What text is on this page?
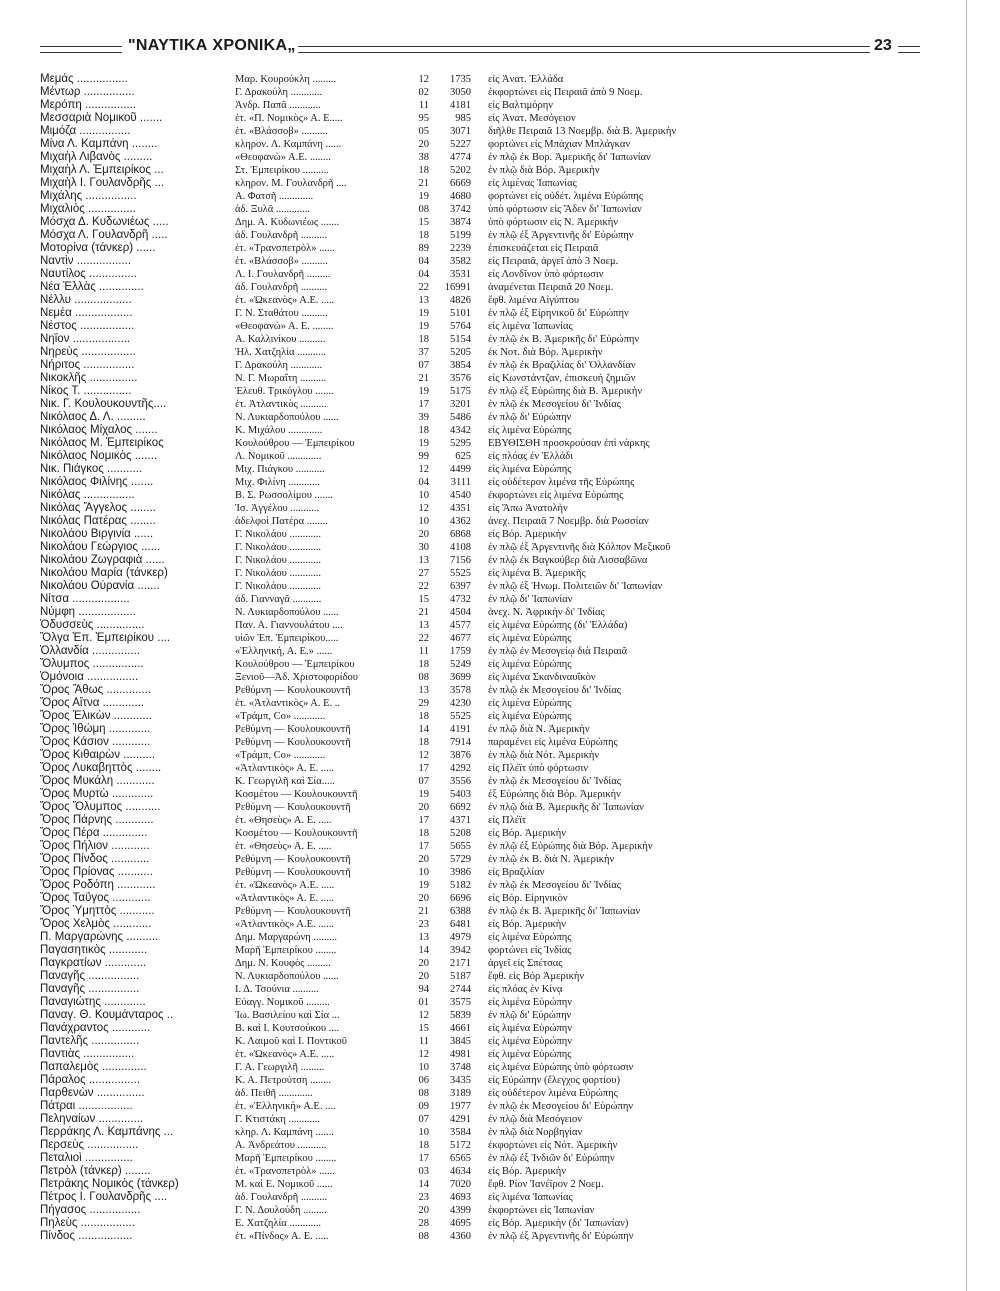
"ΝΑΥΤΙΚΑ ΧΡΟΝΙΚΑ„	23
Μεμάς ................	Μαρ. Κουρούκλη .........	12	1735 εἰς Ἀνατ. Ἑλλάδα
Μέντωρ ................	Γ. Δρακούλη ............	02	3050 ἐκφορτώνει εἰς Πειραιᾶ ἀπὸ 9 Νοεμ.
Μερόπη ................	Ἀνδρ. Παπᾶ ............	11	4181 εἰς Βαλτιμόρην
Μεσσαριὰ Νομικοῦ .......	ἑτ. «Π. Νομικὸς» Α. Ε.....	95	985 εἰς Ἀνατ. Μεσόγειον
Μιμόζα ................	ἑτ. «Βλάσσοβ» ..........	05	3071 διῆλθε Πειραιᾶ 13 Νοεμβρ. διὰ Β. Ἀμερικὴν
Μίνα Λ. Καμπάνη ........	κληρον. Λ. Καμπάνη ......	20	5227 φορτώνει εἰς Μπάχιαν Μπλάγκαν
Μιχαὴλ Λιβανὸς .........	«Θεοφανὼ» Α.Ε. ........	38	4774 ἐν πλῷ ἐκ Βορ. Ἀμερικῆς δι' Ἰαπωνίαν
Μιχαὴλ Λ. Ἐμπειρίκος ...	Στ. Ἐμπειρίκου ..........	18	5202 ἐν πλῷ διὰ Βόρ. Ἀμερικὴν
Μιχαὴλ Ι. Γουλανδρῆς ...	κληρον. Μ. Γουλανδρῆ ....	21	6669 εἰς λιμένας Ἰαπωνίας
Μιχάλης ................	Α. Φατσῆ .............	19	4680 φορτώνει εἰς οὐδέτ. λιμένα Εὐρώπης
Μιχαλιὸς ...............	ἀδ. Ξυλᾶ .............	08	3742 ὑπὸ φόρτωσιν εἰς Ἄδεν δι' Ἰαπωνίαν
Μόσχα Δ. Κυδωνιέως .....	Δημ. Α. Κυδωνιέως .......	15	3874 ὑπὸ φόρτωσιν εἰς Ν. Ἀμερικὴν
Μόσχα Λ. Γουλανδρῆ .....	ἀδ. Γουλανδρῆ ..........	18	5199 ἐν πλῷ ἐξ Ἀργεντινῆς δι' Εὐρώπην
Μοτορίνα (τάνκερ) ......	ἑτ. «Τρανσπετρὸλ» ......	89	2239 ἐπισκευάζεται εἰς Πειραιᾶ
Ναντὶν .................	ἑτ. «Βλάσσοβ» ..........	04	3582 εἰς Πειραιᾶ, ἀργεῖ ἀπὸ 3 Νοεμ.
Ναυτίλος ...............	Λ. Ι. Γουλανδρῆ .........	04	3531 εἰς Λονδῖνον ὑπὸ φόρτωσιν
Νέα Ἑλλὰς ..............	ἀδ. Γουλανδρῆ ..........	22	16991 ἀναμένεται Πειραιᾶ 20 Νοεμ.
Νέλλυ ..................	ἑτ. «Ὠκεανὸς» Α.Ε. .....	13	4826 ἔφθ. λιμένα Αἰγύπτου
Νεμέα ..................	Γ. Ν. Σταθάτου ..........	19	5101 ἐν πλῷ ἐξ Εἰρηνικοῦ δι' Εὐρώπην
Νέστος .................	«Θεοφανὼ» Α. Ε. ........	19	5764 εἰς λιμένα Ἰαπωνίας
Νηΐον ..................	Α. Καλλινίκου ..........	18	5154 ἐν πλῷ ἐκ Β. Ἀμερικῆς δι' Εὐρώπην
Νηρεὺς .................	Ἠλ. Χατζηλία ...........	37	5205 ἐκ Νοτ. διὰ Βόρ. Ἀμερικὴν
Νήριτος ................	Γ. Δρακούλη ............	07	3854 ἐν πλῷ ἐκ Βραζιλίας δι' Ὀλλανδίαν
Νικοκλῆς ...............	Ν. Γ. Μωραΐτη ..........	21	3576 εἰς Κωνστάντζαν, ἐπισκευὴ ζημιῶν
Νίκος Τ. ...............	Ἐλευθ. Τρικόγλου .......	19	5175 ἐν πλῷ ἐξ Εὐρώπης διὰ Β. Ἀμερικὴν
Νικ. Γ. Κουλουκουντῆς....	ἑτ. Ἀτλαντικὸς ..........	17	3201 ἐν πλῷ ἐκ Μεσογείου δι' Ἰνδίας
Νικόλαος Δ. Λ. .........	Ν. Λυκιαρδοπούλου ......	39	5486 ἐν πλῷ δι' Εὐρώπην
Νικόλαος Μίχαλος .......	Κ. Μιχάλου .............	18	4342 εἰς λιμένα Εὐρώπης
Νικόλαος Μ. Ἐμπειρίκος	Κουλούθρου — Ἐμπειρίκου	19	5295 ΕΒΥΘΙΣΘΗ προσκρούσαν ἐπὶ νάρκης
Νικόλαος Νομικὸς .......	Λ. Νομικοῦ .............	99	625 εἰς πλόας ἐν Ἑλλάδι
Νικ. Πιάγκος ...........	Μιχ. Πιάγκου ...........	12	4499 εἰς λιμένα Εὐρώπης
Νικόλαος Φιλίνης .......	Μιχ. Φιλίνη ............	04	3111 εἰς οὐδέτερον λιμένα τῆς Εὐρώπης
Νικόλας ................	Β. Σ. Ρωσσολίμου .......	10	4540 ἐκφορτώνει εἰς λιμένα Εὐρώπης
Νικόλας Ἄγγελος ........	Ἰσ. Ἀγγέλου ...........	12	4351 εἰς Ἄπω Ἀνατολὴν
Νικόλας Πατέρας ........	ἀδελφοὶ Πατέρα ........	10	4362 ἀνεχ. Πειραιᾶ 7 Νοεμβρ. διὰ Ρωσσίαν
Νικολάου Βιργινία ......	Γ. Νικολάου ............	20	6868 εἰς Βόρ. Ἀμερικὴν
Νικολάου Γεώργιος ......	Γ. Νικολάου ............	30	4108 ἐν πλῷ ἐξ Ἀργεντινῆς διὰ Κόλπον Μεξικοῦ
Νικολάου Ζωγραφιὰ ......	Γ. Νικολάου ............	13	7156 ἐν πλῷ ἐκ Βαγκούβερ διὰ Λισσαβῶνα
Νικολάου Μαρία (τάνκερ)	Γ. Νικολάου ............	27	5525 εἰς λιμένα Β. Ἀμερικῆς
Νικολάου Οὐρανία .......	Γ. Νικολάου ............	22	6397 ἐν πλῷ ἐξ Ἡνωμ. Πολιτειῶν δι' Ἰαπωνίαν
Νίτσα ..................	ἀδ. Γιανναγᾶ ...........	15	4732 ἐν πλῷ δι' Ἰαπωνίαν
Νύμφη ..................	Ν. Λυκιαρδοπούλου ......	21	4504 ἀνεχ. Ν. Ἀφρικὴν δι' Ἰνδίας
Ὀδυσσεὺς ...............	Παν. Α. Γιαννουλάτου ....	13	4577 εἰς λιμένα Εὐρώπης (δι' Ἑλλάδα)
Ὄλγα Ἐπ. Ἐμπειρίκου ....	υἱῶν Ἐπ. Ἐμπειρίκου.....	22	4677 εἰς λιμένα Εὐρώπης
Ὀλλανδία ...............	«Ἑλληνική, Α. Ε.» ......	11	1759 ἐν πλῷ ἐν Μεσογείῳ διὰ Πειραιᾶ
Ὄλυμπος ................	Κουλούθρου — Ἐμπειρίκου	18	5249 εἰς λιμένα Εὐρώπης
Ὁμόνοια ................	Ξενιοῦ—Ἀδ. Χριστοφορίδου	08	3699 εἰς λιμένα Σκανδιναυΐκὸν
Ὄρος Ἄθως ..............	Ρεθύμνη — Κουλουκουντῆ	13	3578 ἐν πλῷ ἐκ Μεσογείου δι' Ἰνδίας
Ὄρος Αἴτνα .............	ἑτ. «Ἀτλαντικὸς» Α. Ε. ..	29	4230 εἰς λιμένα Εὐρώπης
Ὄρος Ἑλικὼν ............	«Τράμπ, Co» ............	18	5525 εἰς λιμένα Εὐρώπης
Ὄρος Ἰθώμη .............	Ρεθύμνη — Κουλουκουντῆ	14	4191 ἐν πλῷ διὰ Ν. Ἀμερικὴν
Ὄρος Κάσιον ............	Ρεθύμνη — Κουλουκουντῆ	18	7914 παραμένει εἰς λιμένα Εὐρώπης
Ὄρος Κιθαιρὼν ..........	«Τράμπ, Co» ............	12	3876 ἐν πλῷ διὰ Νότ. Ἀμερικὴν
Ὄρος Λυκαβηττὸς ........	«Ἀτλαντικὸς» Α. Ε. .....	17	4292 εἰς Πλέϊτ ὑπὸ φόρτωσιν
Ὄρος Μυκάλη ............	Κ. Γεωργιλῆ καὶ Σία.....	07	3556 ἐν πλῷ ἐκ Μεσογείου δι' Ἰνδίας
Ὄρος Μυρτὼ .............	Κοσμέτου — Κουλουκουντῆ	19	5403 ἐξ Εὐρώπης διὰ Βόρ. Ἀμερικὴν
Ὄρος Ὄλυμπος ...........	Ρεθύμνη — Κουλουκουντῆ	20	6692 ἐν πλῷ διὰ Β. Ἀμερικῆς δι' Ἰαπωνίαν
Ὄρος Πάρνης ............	ἑτ. «Θησεὺς» Α. Ε. .....	17	4371 εἰς Πλέϊτ
Ὄρος Πέρα ..............	Κοσμέτου — Κουλουκουντῆ	18	5208 εἰς Βόρ. Ἀμερικὴν
Ὄρος Πήλιον ............	ἑτ. «Θησεὺς» Α. Ε. .....	17	5655 ἐν πλῷ ἐξ Εὐρώπης διὰ Βόρ. Ἀμερικὴν
Ὄρος Πίνδος ............	Ρεθύμνη — Κουλουκουντῆ	20	5729 ἐν πλῷ ἐκ Β. διὰ Ν. Ἀμερικὴν
Ὄρος Πρίονας ...........	Ρεθύμνη — Κουλουκουντῆ	10	3986 εἰς Βραζιλίαν
Ὄρος Ροδόπη ............	ἑτ. «Ὠκεανὸς» Α.Ε. .....	19	5182 ἐν πλῷ ἐκ Μεσογείου δι' Ἰνδίας
Ὄρος Ταΰγος ............	«Ἀτλαντικὸς» Α. Ε. .....	20	6696 εἰς Βόρ. Εἰρηνικὸν
Ὄρος Ὑμηττὸς ...........	Ρεθύμνη — Κουλουκουντῆ	21	6388 ἐν πλῷ ἐκ Β. Ἀμερικῆς δι' Ἰαπωνίαν
Ὄρος Χελμὸς ............	«Ἀτλαντικὸς» Α.Ε. ......	23	6481 εἰς Βόρ. Ἀμερικὴν
Π. Μαργαρώνης ..........	Δημ. Μαργαρώνη .........	13	4979 εἰς λιμένα Εὐρώπης
Παγασητικὸς ............	Μαρῆ Ἐμπειρίκου ........	14	3942 φορτώνει εἰς Ἰνδίας
Παγκρατίων .............	Δημ. Ν. Κουφὸς .........	20	2171 ἀργεῖ εἰς Σπέτσας
Παναγῆς ................	Ν. Λυκιαρδοπούλου ......	20	5187 ἔφθ. εἰς Βόρ Ἀμερικὴν
Παναγῆς ................	Ι. Δ. Τσούνια ..........	94	2744 εἰς πλόας ἐν Κίνᾳ
Παναγιώτης .............	Εὐαγγ. Νομικοῦ .........	01	3575 εἰς λιμένα Εὐρώπην
Παναγ. Θ. Κουμάνταρος ..	Ἰω. Βασιλείου καὶ Σία ...	12	5839 ἐν πλῷ δι' Εὐρώπην
Πανάχραντος ............	Β. καὶ Ι. Κουτσούκου ....	15	4661 εἰς λιμένα Εὐρώπην
Παντελῆς ...............	Κ. Λαιμοῦ καὶ Ι. Ποντικοῦ	11	3845 εἰς λιμένα Εὐρώπην
Παντιὰς ................	ἑτ. «Ὠκεανὸς» Α.Ε. .....	12	4981 εἰς λιμένα Εὐρώπης
Παπαλεμὸς ..............	Γ. Α. Γεωργιλῆ .........	10	3748 εἰς λιμένα Εὐρώπης ὑπὸ φόρτωσιν
Πάραλος ................	Κ. Α. Πετρούτση ........	06	3435 εἰς Εὐρώπην (ἔλεγχος φορτίου)
Παρθενὼν ...............	ἀδ. Πειθῆ .............	08	3189 εἰς οὐδέτερον λιμένα Εὐρώπης
Πάτραι .................	ἑτ. «Ἑλληνικὴ» Α.Ε. ....	09	1977 ἐν πλῷ ἐκ Μεσογείου δι' Εὐρώπην
Πεληναίων ..............	Γ. Κτιστάκη ............	07	4291 ἐν πλῷ διὰ Μεσόγειον
Περράκης Λ. Καμπάνης ...	κληρ. Λ. Καμπάνη .......	10	3584 ἐν πλῷ διὰ Νορβηγίαν
Περσεὺς ................	Α. Ἀνδρεάτου ...........	18	5172 ἐκφορτώνει εἰς Νότ. Ἀμερικὴν
Πεταλιοὶ ...............	Μαρῆ Ἐμπειρίκου ........	17	6565 ἐν πλῷ ἐξ Ἰνδιῶν δι' Εὐρώπην
Πετρὸλ (τάνκερ) ........	ἑτ. «Τρανσπετρὸλ» ......	03	4634 εἰς Βόρ. Ἀμερικὴν
Πετράκης Νομικὸς (τάνκερ)	Μ. καὶ Ε. Νομικοῦ ......	14	7020 ἔφθ. Ρίον Ἰανέϊρον 2 Νοεμ.
Πέτρος Ι. Γουλανδρῆς ....	ἀδ. Γουλανδρῆ ..........	23	4693 εἰς λιμένα Ἰαπωνίας
Πήγασος ................	Γ. Ν. Δουλούδη .........	20	4399 ἐκφορτώνει εἰς Ἰαπωνίαν
Πηλεὺς .................	Ε. Χατζηλία ............	28	4695 εἰς Βόρ. Ἀμερικὴν (δι' Ἰαπωνίαν)
Πίνδος .................	ἑτ. «Πίνδος» Α. Ε. .....	08	4360 ἐν πλῷ ἐξ Ἀργεντινῆς δι' Εὐρώπην
